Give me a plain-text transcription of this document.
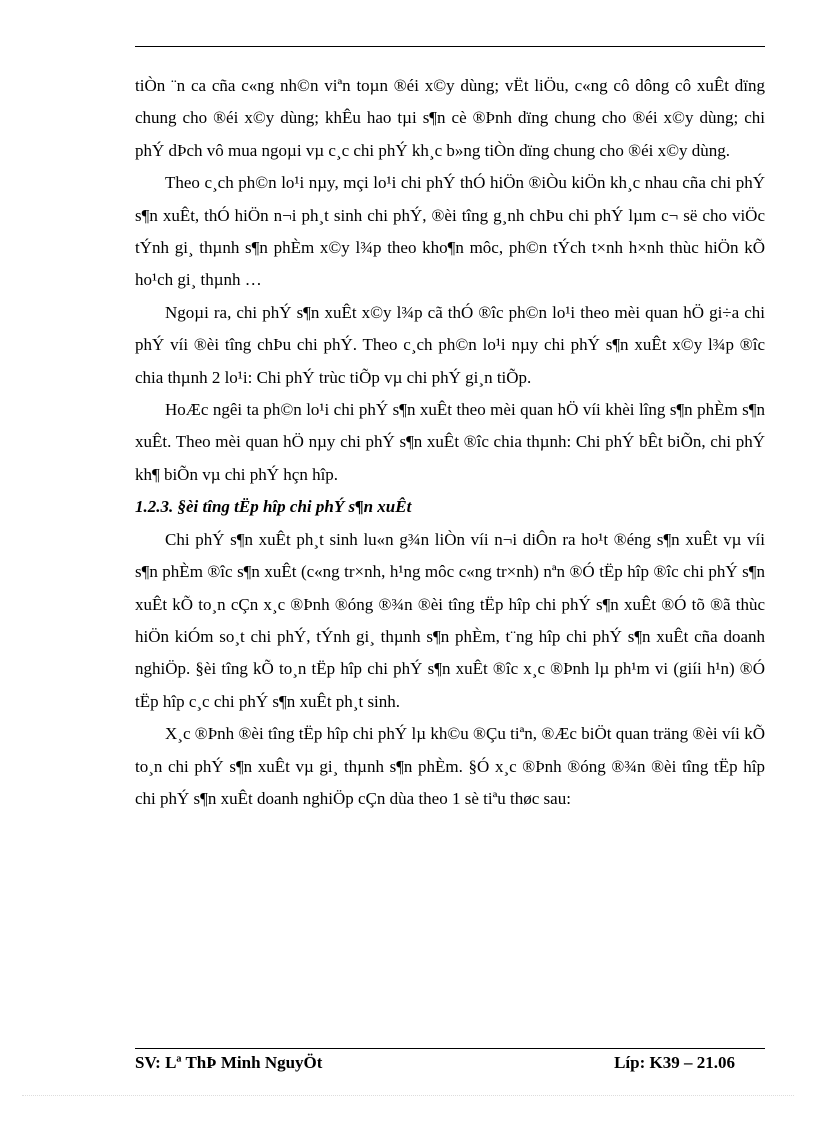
tiÒn ¨n ca cña c«ng nh©n viªn toµn ®éi x©y dùng; vËt liÖu, c«ng cô dông cô xuÊt dïng chung cho ®éi x©y dùng; khÊu hao tµi s¶n cè ®Þnh dïng chung cho ®éi x©y dùng; chi phÝ dÞch vô mua ngoµi vµ c¸c chi phÝ kh¸c b»ng tiÒn dïng chung cho ®éi x©y dùng.

Theo c¸ch ph©n lo¹i nµy, mçi lo¹i chi phÝ thÓ hiÖn ®iÒu kiÖn kh¸c nhau cña chi phÝ s¶n xuÊt, thÓ hiÖn n¬i ph¸t sinh chi phÝ, ®èi tîng g¸nh chÞu chi phÝ lµm c¬ së cho viÖc tÝnh gi¸ thµnh s¶n phÈm x©y l¾p theo kho¶n môc, ph©n tÝch t×nh h×nh thùc hiÖn kÕ ho¹ch gi¸ thµnh …

Ngoµi ra, chi phÝ s¶n xuÊt x©y l¾p cã thÓ ®îc ph©n lo¹i theo mèi quan hÖ gi÷a chi phÝ víi ®èi tîng chÞu chi phÝ. Theo c¸ch ph©n lo¹i nµy chi phÝ s¶n xuÊt x©y l¾p ®îc chia thµnh 2 lo¹i: Chi phÝ trùc tiÕp vµ chi phÝ gi¸n tiÕp.

HoÆc ngêi ta ph©n lo¹i chi phÝ s¶n xuÊt theo mèi quan hÖ víi khèi lîng s¶n phÈm s¶n xuÊt. Theo mèi quan hÖ nµy chi phÝ s¶n xuÊt ®îc chia thµnh: Chi phÝ bÊt biÕn, chi phÝ kh¶ biÕn vµ chi phÝ hçn hîp.

1.2.3. §èi tîng tËp hîp chi phÝ s¶n xuÊt

Chi phÝ s¶n xuÊt ph¸t sinh lu«n g¾n liÒn víi n¬i diÔn ra ho¹t ®éng s¶n xuÊt vµ víi s¶n phÈm ®îc s¶n xuÊt (c«ng tr×nh, h¹ng môc c«ng tr×nh) nªn ®Ó tËp hîp ®îc chi phÝ s¶n xuÊt kÕ to¸n cÇn x¸c ®Þnh ®óng ®¾n ®èi tîng tËp hîp chi phÝ s¶n xuÊt ®Ó tõ ®ã thùc hiÖn kiÓm so¸t chi phÝ, tÝnh gi¸ thµnh s¶n phÈm, t¨ng hîp chi phÝ s¶n xuÊt cña doanh nghiÖp. §èi tîng kÕ to¸n tËp hîp chi phÝ s¶n xuÊt ®îc x¸c ®Þnh lµ ph¹m vi (giíi h¹n) ®Ó tËp hîp c¸c chi phÝ s¶n xuÊt ph¸t sinh.

X¸c ®Þnh ®èi tîng tËp hîp chi phÝ lµ kh©u ®Çu tiªn, ®Æc biÖt quan träng ®èi víi kÕ to¸n chi phÝ s¶n xuÊt vµ gi¸ thµnh s¶n phÈm. §Ó x¸c ®Þnh ®óng ®¾n ®èi tîng tËp hîp chi phÝ s¶n xuÊt doanh nghiÖp cÇn dùa theo 1 sè tiªu thøc sau:

SV: Lª ThÞ Minh NguyÖt	Líp: K39 – 21.06
